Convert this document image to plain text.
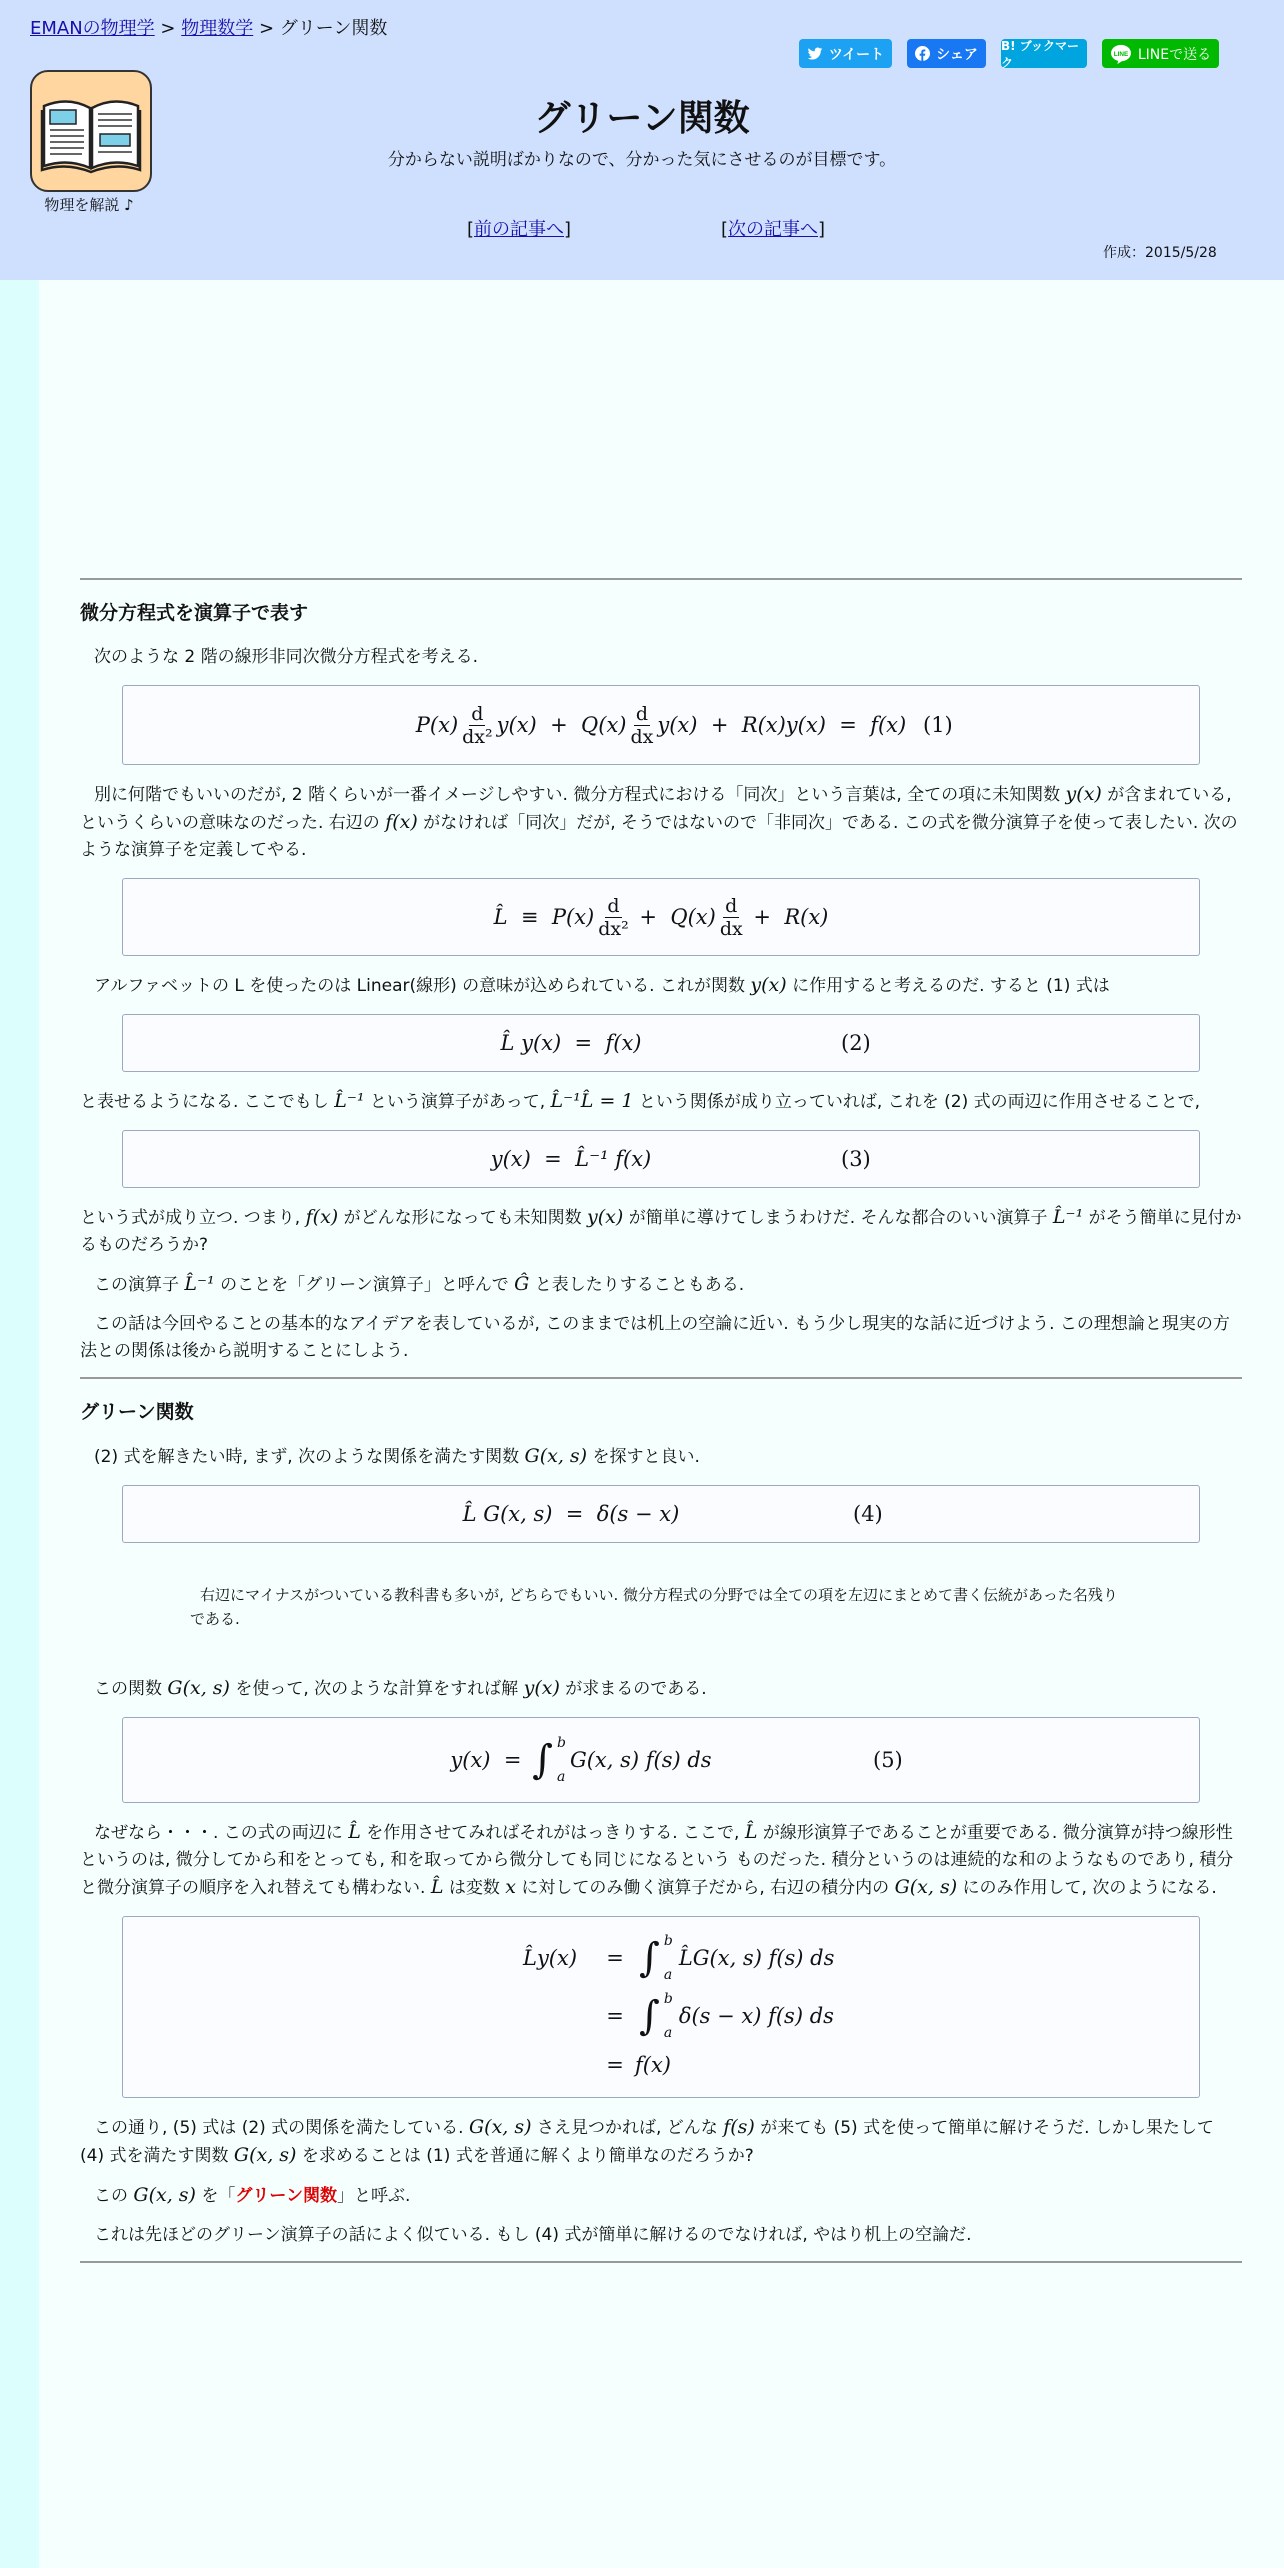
EMANの物理学 > 物理数学 > グリーン関数
ツイート	シェア
B! ブックマーク
LINE LINEで送る
物理を解説 ♪
グリーン関数
分からない説明ばかりなので、分かった気にさせるのが目標です。
[前の記事へ]	[次の記事へ]
作成：2015/5/28
微分方程式を演算子で表す

次のような 2 階の線形非同次微分方程式を考える.

P(x) d
dx² y(x)  +  Q(x) d
dx y(x)  +  R(x)y(x)  =  f(x) (1)

別に何階でもいいのだが, 2 階くらいが一番イメージしやすい. 微分方程式における「同次」という言葉は, 全ての項に未知関数 y(x) が含まれている, というくらいの意味なのだった. 右辺の f(x) がなければ「同次」だが, そうではないので「非同次」である. この式を微分演算子を使って表したい. 次のような演算子を定義してやる.

L̂  ≡  P(x) d
dx² +  Q(x) d
dx +  R(x)

アルファベットの L を使ったのは Linear(線形) の意味が込められている. これが関数 y(x) に作用すると考えるのだ. すると (1) 式は

L̂ y(x)  =  f(x)	(2)

と表せるようになる. ここでもし L̂⁻¹ という演算子があって, L̂⁻¹L̂ = 1 という関係が成り立っていれば, これを (2) 式の両辺に作用させることで,

y(x)  =  L̂⁻¹ f(x)	(3)

という式が成り立つ. つまり, f(x) がどんな形になっても未知関数 y(x) が簡単に導けてしまうわけだ. そんな都合のいい演算子 L̂⁻¹ がそう簡単に見付かるものだろうか?

この演算子 L̂⁻¹ のことを「グリーン演算子」と呼んで Ĝ と表したりすることもある.

この話は今回やることの基本的なアイデアを表しているが, このままでは机上の空論に近い. もう少し現実的な話に近づけよう. この理想論と現実の方法との関係は後から説明することにしよう.

グリーン関数

(2) 式を解きたい時, まず, 次のような関係を満たす関数 G(x, s) を探すと良い.

L̂ G(x, s)  =  δ(s − x)	(4)
右辺にマイナスがついている教科書も多いが, どちらでもいい. 微分方程式の分野では全ての項を左辺にまとめて書く伝統があった名残りである.

この関数 G(x, s) を使って, 次のような計算をすれば解 y(x) が求まるのである.

y(x)  = ∫ b
a
G(x, s) f(s) ds	(5)

なぜなら・・・. この式の両辺に L̂ を作用させてみればそれがはっきりする. ここで, L̂ が線形演算子であることが重要である. 微分演算が持つ線形性というのは, 微分してから和をとっても, 和を取ってから微分しても同じになるという ものだった. 積分というのは連続的な和のようなものであり, 積分と微分演算子の順序を入れ替えても構わない. L̂ は変数 x に対してのみ働く演算子だから, 右辺の積分内の G(x, s) にのみ作用して, 次のようになる.

L̂y(x)	= ∫ b
a
L̂G(x, s) f(s) ds
= ∫ b
a
δ(s − x) f(s) ds
= f(x)

この通り, (5) 式は (2) 式の関係を満たしている. G(x, s) さえ見つかれば, どんな f(s) が来ても (5) 式を使って簡単に解けそうだ. しかし果たして (4) 式を満たす関数 G(x, s) を求めることは (1) 式を普通に解くより簡単なのだろうか?

この G(x, s) を「グリーン関数」と呼ぶ.

これは先ほどのグリーン演算子の話によく似ている. もし (4) 式が簡単に解けるのでなければ, やはり机上の空論だ.
